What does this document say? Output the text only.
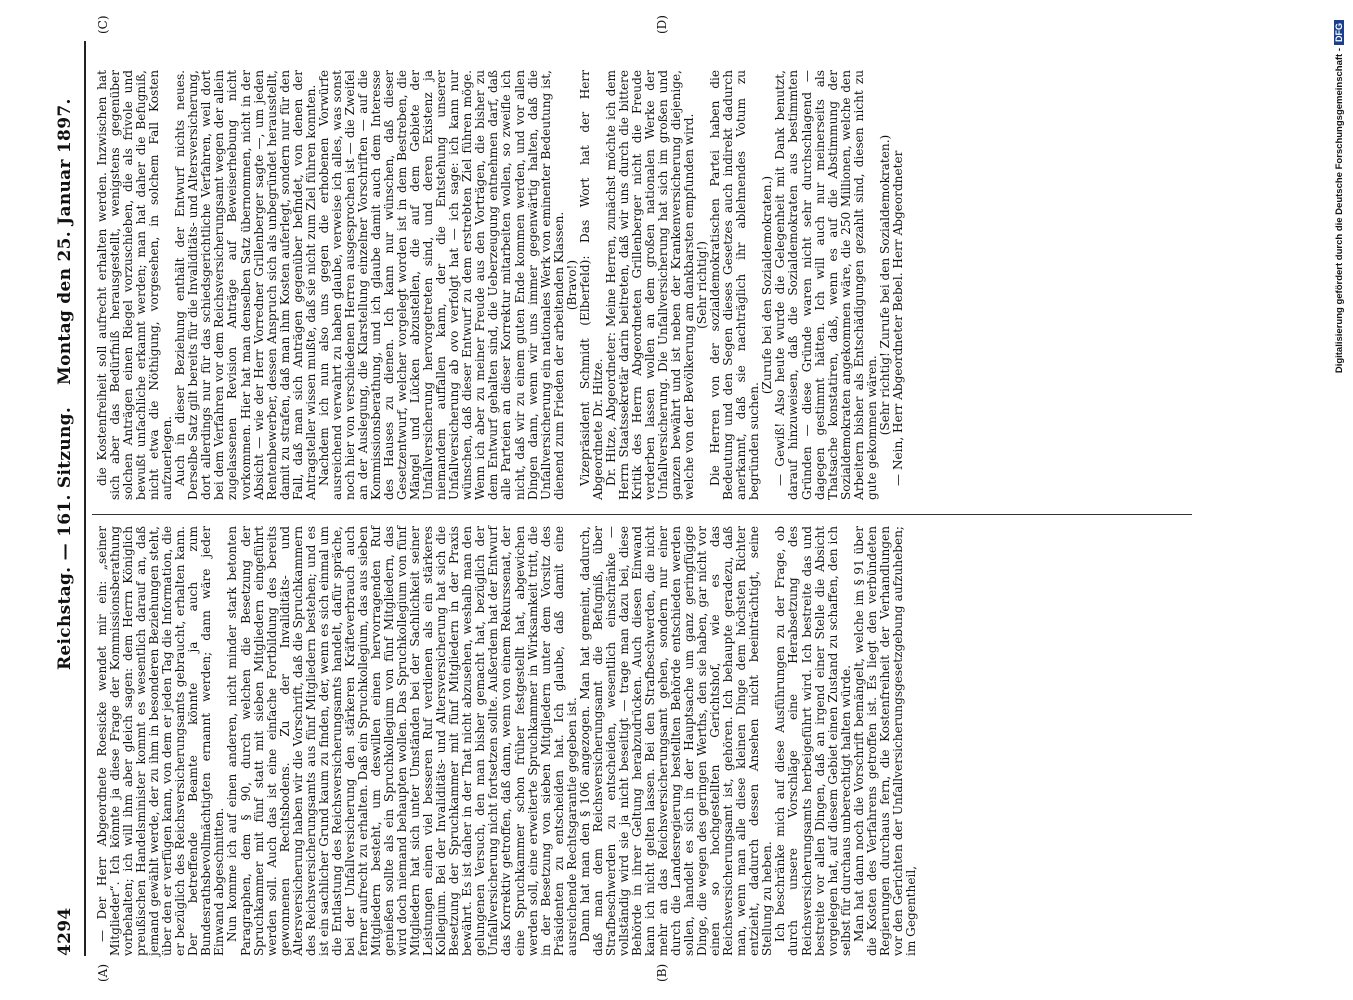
4294
Reichstag. — 161. Sitzung.
Montag den 25. Januar 1897.
(A)	(B)
(C)	(D)

— Der Herr Abgeordnete Roesicke wendet mir ein: „seiner Mitglieder“. Ich könnte ja diese Frage der Kommissionsberathung vorbehalten; ich will ihm aber gleich sagen: dem Herrn Königlich preußischen Handelsminister kommt es wesentlich darauf an, daß jemand gewählt werde, der zu ihm in besonderen Beziehungen steht, über den er verfügen kann, von dem er jeden Tag die Information, die er bezüglich des Reichsversicherungsamts gebraucht, erhalten kann. Der betreffende Beamte könnte ja auch zum Bundesrathsbevollmächtigten ernannt werden; dann wäre jeder Einwand abgeschnitten. Nun komme ich auf einen anderen, nicht minder stark betonten Paragraphen, dem § 90, durch welchen die Besetzung der Spruchkammer mit fünf statt mit sieben Mitgliedern eingeführt werden soll. Auch das ist eine einfache Fortbildung des bereits gewonnenen Rechtsbodens. Zu der Invaliditäts- und Altersversicherung haben wir die Vorschrift, daß die Spruchkammern des Reichsversicherungsamts aus fünf Mitgliedern bestehen; und es ist ein sachlicher Grund kaum zu finden, der, wenn es sich einmal um die Entlastung des Reichsversicherungsamts handelt, dafür spräche, bei der Unfallversicherung den stärkeren Kräfteverbrauch auch ferner aufrecht zu erhalten. Daß ein Spruchkollegium, das aus sieben Mitgliedern besteht, um deswillen einen hervorragenden Ruf genießen sollte als ein Spruchkollegium von fünf Mitgliedern, das wird doch niemand behaupten wollen. Das Spruchkollegium von fünf Mitgliedern hat sich unter Umständen bei der Sachlichkeit seiner Leistungen einen viel besseren Ruf verdienen als ein stärkeres Kollegium. Bei der Invaliditäts- und Altersversicherung hat sich die Besetzung der Spruchkammer mit fünf Mitgliedern in der Praxis bewährt. Es ist daher in der That nicht abzusehen, weshalb man den gelungenen Versuch, den man bisher gemacht hat, bezüglich der Unfallversicherung nicht fortsetzen sollte. Außerdem hat der Entwurf das Korrektiv getroffen, daß dann, wenn von einem Rekurssenat, der eine Spruchkammer schon früher festgestellt hat, abgewichen werden soll, eine erweiterte Spruchkammer in Wirksamkeit tritt, die in der Besetzung von sieben Mitgliedern unter dem Vorsitz des Präsidenten zu entscheiden hat. Ich glaube, daß damit eine ausreichende Rechtsgarantie gegeben ist. Dann hat man den § 106 angezogen. Man hat gemeint, dadurch, daß man dem Reichsversicherungsamt die Befugniß, über Strafbeschwerden zu entscheiden, wesentlich einschränke — vollständig wird sie ja nicht beseitigt — trage man dazu bei, diese Behörde in ihrer Geltung herabzudrücken. Auch diesen Einwand kann ich nicht gelten lassen. Bei den Strafbeschwerden, die nicht mehr an das Reichsversicherungsamt gehen, sondern nur einer durch die Landesregierung bestellten Behörde entschieden werden sollen, handelt es sich in der Hauptsache um ganz geringfügige Dinge, die wegen des geringen Werths, den sie haben, gar nicht vor einen so hochgestellten Gerichtshof, wie es das Reichsversicherungsamt ist, gehören. Ich behaupte geradezu, daß man, wenn man alle diese kleinen Dinge dem höchsten Richter entzieht, dadurch dessen Ansehen nicht beeinträchtigt, seine Stellung zu heben. Ich beschränke mich auf diese Ausführungen zu der Frage, ob durch unsere Vorschläge eine Herabsetzung des Reichsversicherungsamts herbeigeführt wird. Ich bestreite das und bestreite vor allen Dingen, daß an irgend einer Stelle die Absicht vorgelegen hat, auf diesem Gebiet einen Zustand zu schaffen, den ich selbst für durchaus unberechtigt halten würde. Man hat dann noch die Vorschrift bemängelt, welche im § 91 über die Kosten des Verfahrens getroffen ist. Es liegt den verbündeten Regierungen durchaus fern, die Kostenfreiheit der Verhandlungen vor den Gerichten der Unfallversicherungsgesetzgebung aufzuheben; im Gegentheil,

die Kostenfreiheit soll aufrecht erhalten werden. Inzwischen hat sich aber das Bedürfniß herausgestellt, wenigstens gegenüber solchen Anträgen einen Riegel vorzuschieben, die als frivole und bewußt unfachliche erkannt werden; man hat daher die Befugniß, nicht etwa die Nöthigung, vorgesehen, in solchem Fall Kosten aufzuerlegen. Auch in dieser Beziehung enthält der Entwurf nichts neues. Derselbe Satz gilt bereits für die Invaliditäts- und Altersversicherung, dort allerdings nur für das schiedsgerichtliche Verfahren, weil dort bei dem Verfahren vor dem Reichsversicherungsamt wegen der allein zugelassenen Revision Anträge auf Beweiserhebung nicht vorkommen. Hier hat man denselben Satz übernommen, nicht in der Absicht — wie der Herr Vorredner Grillenberger sagte —, um jeden Rentenbewerber, dessen Anspruch sich als unbegründet herausstellt, damit zu strafen, daß man ihm Kosten auferlegt, sondern nur für den Fall, daß man sich Anträgen gegenüber befindet, von denen der Antragsteller wissen mußte, daß sie nicht zum Ziel führen konnten. Nachdem ich nun also uns gegen die erhobenen Vorwürfe ausreichend verwahrt zu haben glaube, verweise ich alles, was sonst noch hier von verschiedenen Herren ausgesprochen ist — die Zweifel an der Auslegung, die Klarstellung einzelner Vorschriften — auf die Kommissionsberathung, und ich glaube damit auch dem Interesse des Hauses zu dienen. Ich kann nur wünschen, daß dieser Gesetzentwurf, welcher vorgelegt worden ist in dem Bestreben, die Mängel und Lücken abzustellen, die auf dem Gebiete der Unfallversicherung hervorgetreten sind, und deren Existenz ja niemandem auffallen kann, der die Entstehung unserer Unfallversicherung ab ovo verfolgt hat — ich sage: ich kann nur wünschen, daß dieser Entwurf zu dem erstrebten Ziel führen möge. Wenn ich aber zu meiner Freude aus den Vorträgen, die bisher zu dem Entwurf gehalten sind, die Ueberzeugung entnehmen darf, daß alle Parteien an dieser Korrektur mitarbeiten wollen, so zweifle ich nicht, daß wir zu einem guten Ende kommen werden, und vor allen Dingen dann, wenn wir uns immer gegenwärtig halten, daß die Unfallversicherung ein nationales Werk von eminenter Bedeutung ist, dienend zum Frieden der arbeitenden Klassen. (Bravo!) Vizepräsident Schmidt (Elberfeld): Das Wort hat der Herr Abgeordnete Dr. Hitze. Dr. Hitze, Abgeordneter: Meine Herren, zunächst möchte ich dem Herrn Staatssekretär darin beitreten, daß wir uns durch die bittere Kritik des Herrn Abgeordneten Grillenberger nicht die Freude verderben lassen wollen an dem großen nationalen Werke der Unfallversicherung. Die Unfallversicherung hat sich im großen und ganzen bewährt und ist neben der Krankenversicherung diejenige, welche von der Bevölkerung am dankbarsten empfunden wird. (Sehr richtig!) Die Herren von der sozialdemokratischen Partei haben die Bedeutung und den Segen dieses Gesetzes auch indirekt dadurch anerkannt, daß sie nachträglich ihr ablehnendes Votum zu begründen suchen.

(Zurufe bei den Sozialdemokraten.) — Gewiß! Also heute wurde die Gelegenheit mit Dank benutzt, darauf hinzuweisen, daß die Sozialdemokraten aus bestimmten Gründen — diese Gründe waren nicht sehr durchschlagend — dagegen gestimmt hätten. Ich will auch nur meinerseits als Thatsache konstatiren, daß, wenn es auf die Abstimmung der Sozialdemokraten angekommen wäre, die 250 Millionen, welche den Arbeitern bisher als Entschädigungen gezahlt sind, diesen nicht zu gute gekommen wären. (Sehr richtig! Zurufe bei den Sozialdemokraten.) — Nein, Herr Abgeordneter Bebel. Herr Abgeordneter	Digitalisierung gefördert durch die Deutsche Forschungsgemeinschaft -DFG
